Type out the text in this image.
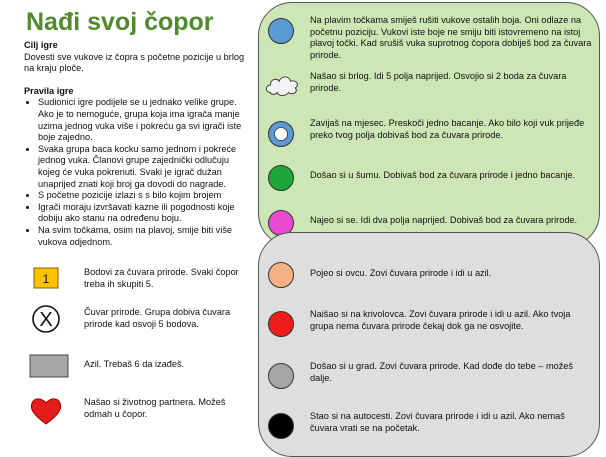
Nađi svoj čopor
Cilj igre

Dovesti sve vukove iz čopra s početne pozicije u brlog na kraju ploče.

Pravila igre
• Sudionici igre podijele se u jednako velike grupe. Ako je to nemoguće, grupa koja ima igrača manje uzima jednog vuka više i pokreću ga svi igrači iste boje zajedno.
• Svaka grupa baca kocku samo jednom i pokreće jednog vuka. Članovi grupe zajednički odlučuju kojeg će vuka pokrenuti. Svaki je igrač dužan unaprijed znati koji broj ga dovodi do nagrade.
• S početne pozicije izlazi s s bilo kojim brojem
• Igrači moraju izvršavati kazne ili pogodnosti koje dobiju ako stanu na određenu boju.
• Na svim točkama, osim na plavoj, smije biti više vukova odjednom.
1	Bodovi za čuvara prirode. Svaki čopor treba ih skupiti 5.
X	Čuvar prirode. Grupa dobiva čuvara prirode kad osvoji 5 bodova.
Azil. Trebaš 6 da izađeš.
Našao si životnog partnera. Možeš odmah u čopor.
Na plavim točkama smiješ rušiti vukove ostalih boja. Oni odlaze na početnu poziciju. Vukovi iste boje ne smiju biti istovremeno na istoj plavoj točki. Kad srušiš vuka suprotnog čopora dobiješ bod za čuvara prirode.
Našao si brlog. Idi 5 polja naprijed. Osvojio si 2 boda za čuvara prirode.
Zavijaš na mjesec. Preskoči jedno bacanje. Ako bilo koji vuk prijeđe preko tvog polja dobivaš bod za čuvara prirode.
Došao si u šumu. Dobivaš bod za čuvara prirode i jedno bacanje.
Najeo si se. Idi dva polja naprijed. Dobivaš bod za čuvara prirode.
Pojeo si ovcu. Zovi čuvara prirode i idi u azil.
Naišao si na krivolovca. Zovi čuvara prirode i idi u azil. Ako tvoja grupa nema čuvara prirode čekaj dok ga ne osvojite.
Došao si u grad. Zovi čuvara prirode. Kad dođe do tebe – možeš dalje.
Stao si na autocesti. Zovi čuvara prirode i idi u azil. Ako nemaš čuvara vrati se na početak.
